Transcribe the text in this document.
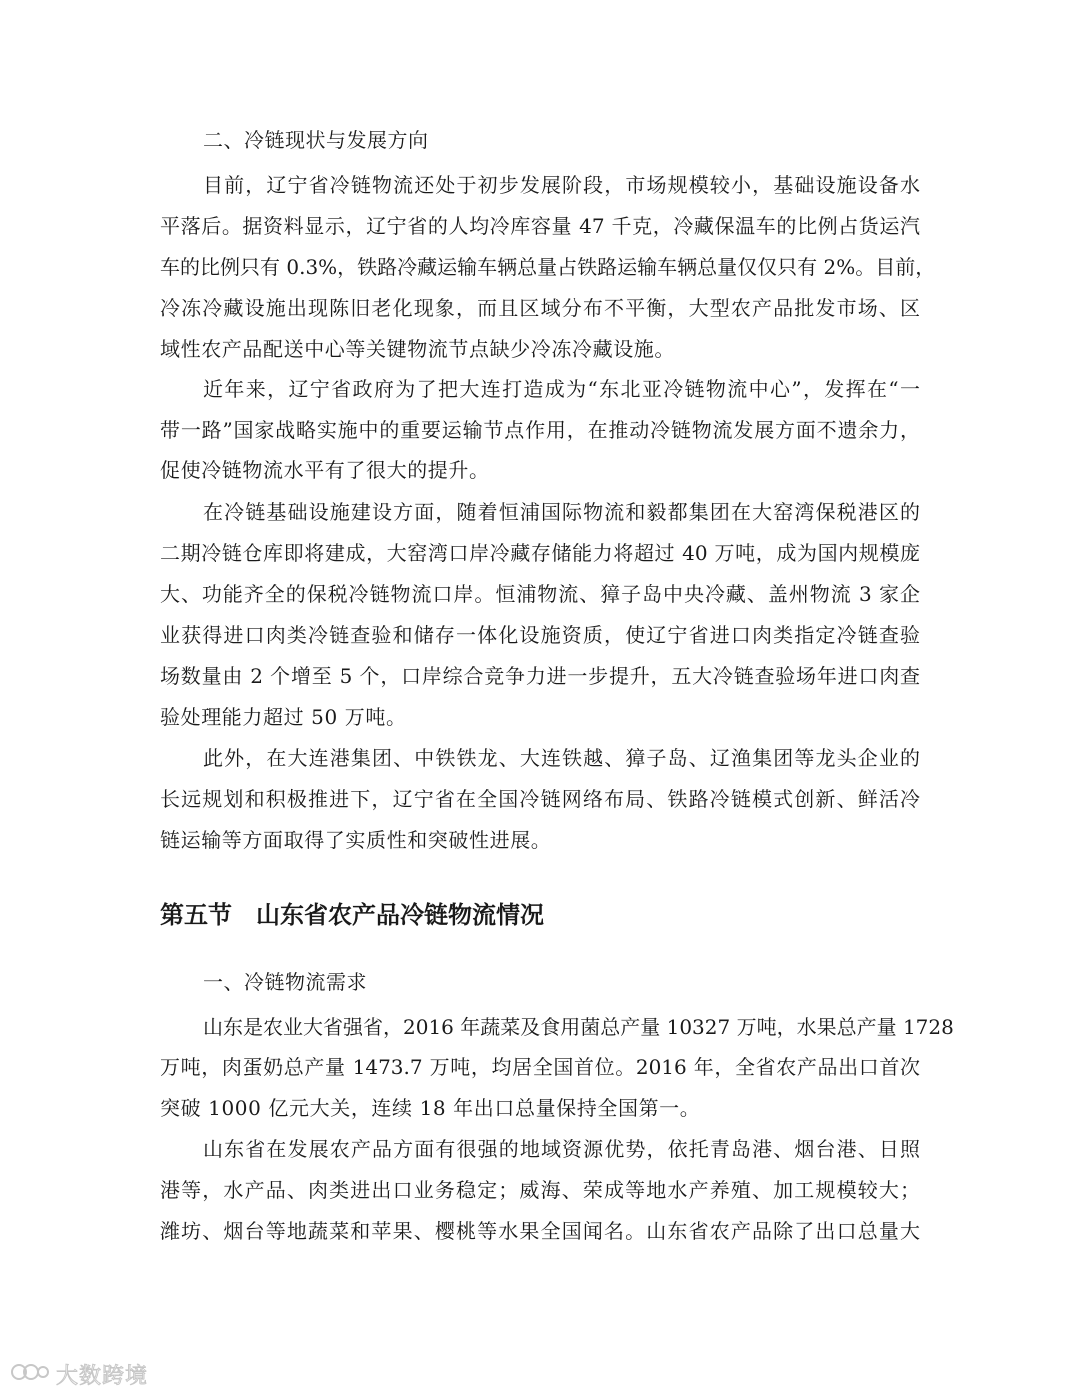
二、冷链现状与发展方向
目前，辽宁省冷链物流还处于初步发展阶段，市场规模较小，基础设施设备水
平落后。据资料显示，辽宁省的人均冷库容量 47 千克，冷藏保温车的比例占货运汽
车的比例只有 0.3%，铁路冷藏运输车辆总量占铁路运输车辆总量仅仅只有 2%。目前，
冷冻冷藏设施出现陈旧老化现象，而且区域分布不平衡，大型农产品批发市场、区
域性农产品配送中心等关键物流节点缺少冷冻冷藏设施。
近年来，辽宁省政府为了把大连打造成为“东北亚冷链物流中心”，发挥在“一
带一路”国家战略实施中的重要运输节点作用，在推动冷链物流发展方面不遗余力，
促使冷链物流水平有了很大的提升。
在冷链基础设施建设方面，随着恒浦国际物流和毅都集团在大窑湾保税港区的
二期冷链仓库即将建成，大窑湾口岸冷藏存储能力将超过 40 万吨，成为国内规模庞
大、功能齐全的保税冷链物流口岸。恒浦物流、獐子岛中央冷藏、盖州物流 3 家企
业获得进口肉类冷链查验和储存一体化设施资质，使辽宁省进口肉类指定冷链查验
场数量由 2 个增至 5 个，口岸综合竞争力进一步提升，五大冷链查验场年进口肉查
验处理能力超过 50 万吨。
此外，在大连港集团、中铁铁龙、大连铁越、獐子岛、辽渔集团等龙头企业的
长远规划和积极推进下，辽宁省在全国冷链网络布局、铁路冷链模式创新、鲜活冷
链运输等方面取得了实质性和突破性进展。
第五节　山东省农产品冷链物流情况
一、冷链物流需求
山东是农业大省强省，2016 年蔬菜及食用菌总产量 10327 万吨，水果总产量 1728
万吨，肉蛋奶总产量 1473.7 万吨，均居全国首位。2016 年，全省农产品出口首次
突破 1000 亿元大关，连续 18 年出口总量保持全国第一。
山东省在发展农产品方面有很强的地域资源优势，依托青岛港、烟台港、日照
港等，水产品、肉类进出口业务稳定；威海、荣成等地水产养殖、加工规模较大；
潍坊、烟台等地蔬菜和苹果、樱桃等水果全国闻名。山东省农产品除了出口总量大
大数跨境
